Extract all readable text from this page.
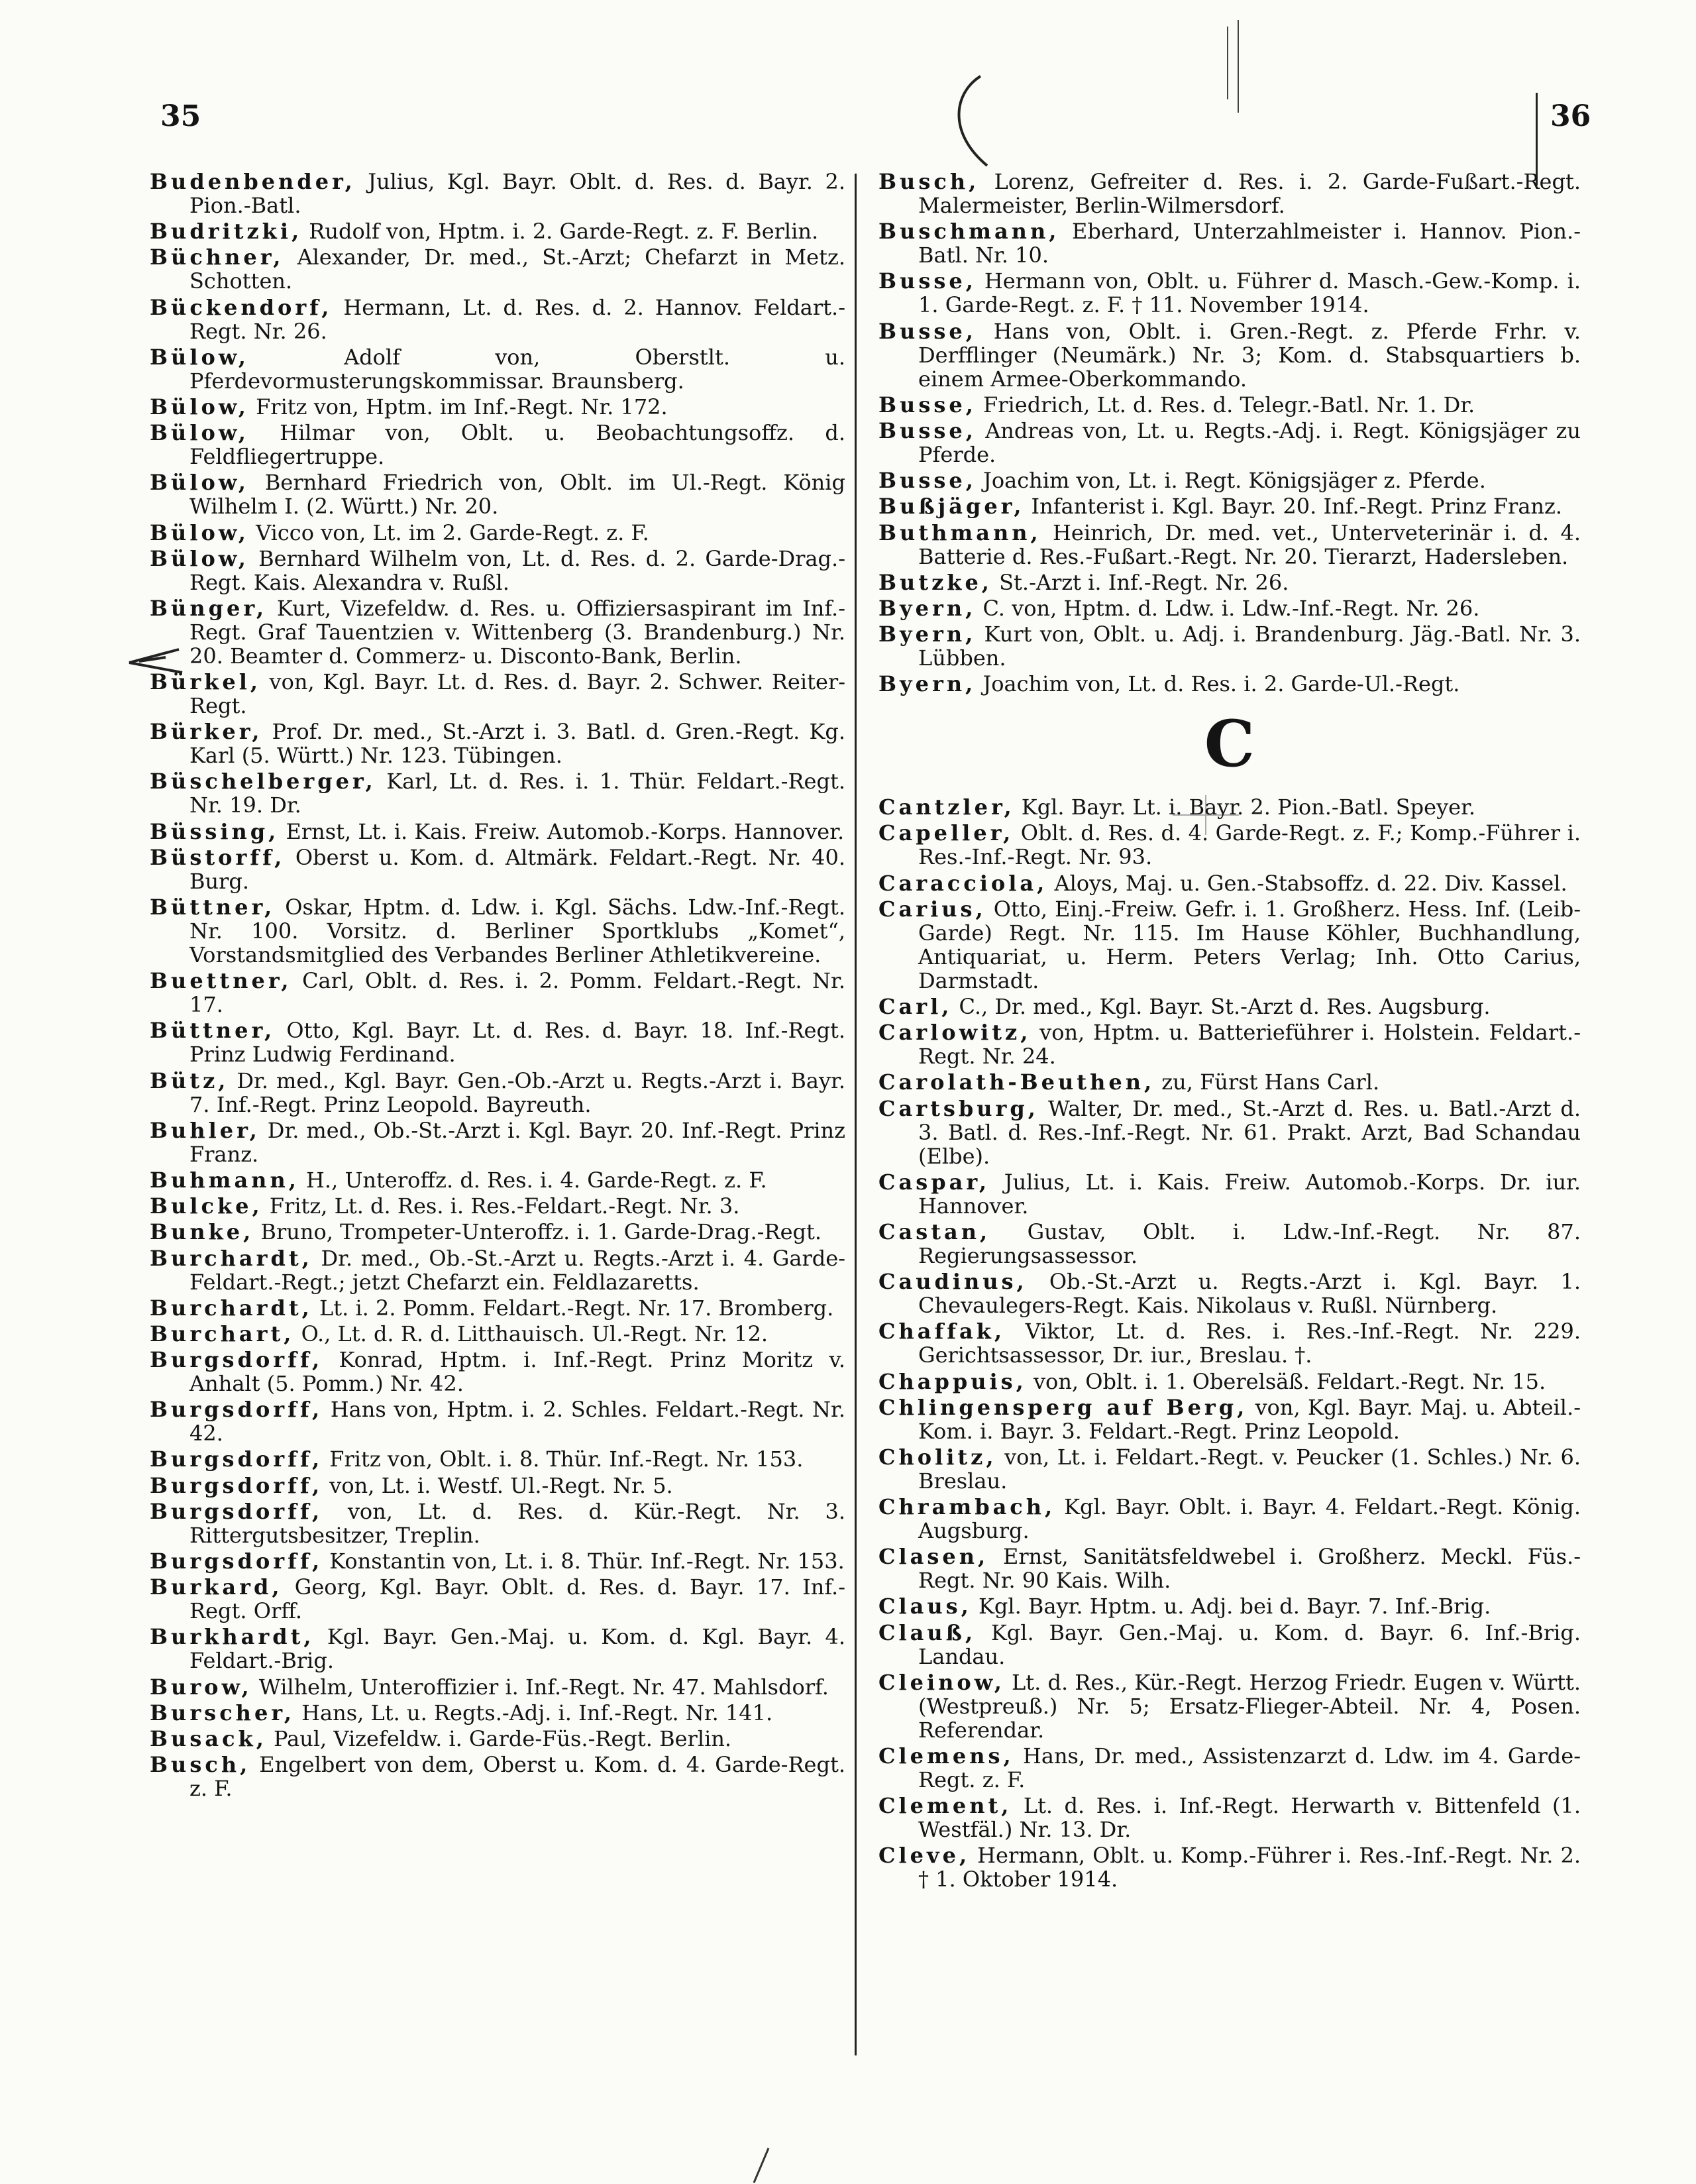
35	36

Budenbender, Julius, Kgl. Bayr. Oblt. d. Res. d. Bayr. 2. Pion.-Batl.

Budritzki, Rudolf von, Hptm. i. 2. Garde-Regt. z. F. Berlin.

Büchner, Alexander, Dr. med., St.-Arzt; Chefarzt in Metz. Schotten.

Bückendorf, Hermann, Lt. d. Res. d. 2. Hannov. Feldart.-Regt. Nr. 26.

Bülow, Adolf von, Oberstlt. u. Pferdevormusterungskommissar. Braunsberg.

Bülow, Fritz von, Hptm. im Inf.-Regt. Nr. 172.

Bülow, Hilmar von, Oblt. u. Beobachtungsoffz. d. Feldfliegertruppe.

Bülow, Bernhard Friedrich von, Oblt. im Ul.-Regt. König Wilhelm I. (2. Württ.) Nr. 20.

Bülow, Vicco von, Lt. im 2. Garde-Regt. z. F.

Bülow, Bernhard Wilhelm von, Lt. d. Res. d. 2. Garde-Drag.-Regt. Kais. Alexandra v. Rußl.

Bünger, Kurt, Vizefeldw. d. Res. u. Offiziersaspirant im Inf.-Regt. Graf Tauentzien v. Wittenberg (3. Brandenburg.) Nr. 20. Beamter d. Commerz- u. Disconto-Bank, Berlin.

Bürkel, von, Kgl. Bayr. Lt. d. Res. d. Bayr. 2. Schwer. Reiter-Regt.

Bürker, Prof. Dr. med., St.-Arzt i. 3. Batl. d. Gren.-Regt. Kg. Karl (5. Württ.) Nr. 123. Tübingen.

Büschelberger, Karl, Lt. d. Res. i. 1. Thür. Feldart.-Regt. Nr. 19. Dr.

Büssing, Ernst, Lt. i. Kais. Freiw. Automob.-Korps. Hannover.

Büstorff, Oberst u. Kom. d. Altmärk. Feldart.-Regt. Nr. 40. Burg.

Büttner, Oskar, Hptm. d. Ldw. i. Kgl. Sächs. Ldw.-Inf.-Regt. Nr. 100. Vorsitz. d. Berliner Sportklubs „Komet“, Vorstandsmitglied des Verbandes Berliner Athletikvereine.

Buettner, Carl, Oblt. d. Res. i. 2. Pomm. Feldart.-Regt. Nr. 17.

Büttner, Otto, Kgl. Bayr. Lt. d. Res. d. Bayr. 18. Inf.-Regt. Prinz Ludwig Ferdinand.

Bütz, Dr. med., Kgl. Bayr. Gen.-Ob.-Arzt u. Regts.-Arzt i. Bayr. 7. Inf.-Regt. Prinz Leopold. Bayreuth.

Buhler, Dr. med., Ob.-St.-Arzt i. Kgl. Bayr. 20. Inf.-Regt. Prinz Franz.

Buhmann, H., Unteroffz. d. Res. i. 4. Garde-Regt. z. F.

Bulcke, Fritz, Lt. d. Res. i. Res.-Feldart.-Regt. Nr. 3.

Bunke, Bruno, Trompeter-Unteroffz. i. 1. Garde-Drag.-Regt.

Burchardt, Dr. med., Ob.-St.-Arzt u. Regts.-Arzt i. 4. Garde-Feldart.-Regt.; jetzt Chefarzt ein. Feldlazaretts.

Burchardt, Lt. i. 2. Pomm. Feldart.-Regt. Nr. 17. Bromberg.

Burchart, O., Lt. d. R. d. Litthauisch. Ul.-Regt. Nr. 12.

Burgsdorff, Konrad, Hptm. i. Inf.-Regt. Prinz Moritz v. Anhalt (5. Pomm.) Nr. 42.

Burgsdorff, Hans von, Hptm. i. 2. Schles. Feldart.-Regt. Nr. 42.

Burgsdorff, Fritz von, Oblt. i. 8. Thür. Inf.-Regt. Nr. 153.

Burgsdorff, von, Lt. i. Westf. Ul.-Regt. Nr. 5.

Burgsdorff, von, Lt. d. Res. d. Kür.-Regt. Nr. 3. Rittergutsbesitzer, Treplin.

Burgsdorff, Konstantin von, Lt. i. 8. Thür. Inf.-Regt. Nr. 153.

Burkard, Georg, Kgl. Bayr. Oblt. d. Res. d. Bayr. 17. Inf.-Regt. Orff.

Burkhardt, Kgl. Bayr. Gen.-Maj. u. Kom. d. Kgl. Bayr. 4. Feldart.-Brig.

Burow, Wilhelm, Unteroffizier i. Inf.-Regt. Nr. 47. Mahlsdorf.

Burscher, Hans, Lt. u. Regts.-Adj. i. Inf.-Regt. Nr. 141.

Busack, Paul, Vizefeldw. i. Garde-Füs.-Regt. Berlin.

Busch, Engelbert von dem, Oberst u. Kom. d. 4. Garde-Regt. z. F.

Busch, Lorenz, Gefreiter d. Res. i. 2. Garde-Fußart.-Regt. Malermeister, Berlin-Wilmersdorf.

Buschmann, Eberhard, Unterzahlmeister i. Hannov. Pion.-Batl. Nr. 10.

Busse, Hermann von, Oblt. u. Führer d. Masch.-Gew.-Komp. i. 1. Garde-Regt. z. F. † 11. November 1914.

Busse, Hans von, Oblt. i. Gren.-Regt. z. Pferde Frhr. v. Derfflinger (Neumärk.) Nr. 3; Kom. d. Stabsquartiers b. einem Armee-Oberkommando.

Busse, Friedrich, Lt. d. Res. d. Telegr.-Batl. Nr. 1. Dr.

Busse, Andreas von, Lt. u. Regts.-Adj. i. Regt. Königsjäger zu Pferde.

Busse, Joachim von, Lt. i. Regt. Königsjäger z. Pferde.

Bußjäger, Infanterist i. Kgl. Bayr. 20. Inf.-Regt. Prinz Franz.

Buthmann, Heinrich, Dr. med. vet., Unterveterinär i. d. 4. Batterie d. Res.-Fußart.-Regt. Nr. 20. Tierarzt, Hadersleben.

Butzke, St.-Arzt i. Inf.-Regt. Nr. 26.

Byern, C. von, Hptm. d. Ldw. i. Ldw.-Inf.-Regt. Nr. 26.

Byern, Kurt von, Oblt. u. Adj. i. Brandenburg. Jäg.-Batl. Nr. 3. Lübben.

Byern, Joachim von, Lt. d. Res. i. 2. Garde-Ul.-Regt.

C

Cantzler, Kgl. Bayr. Lt. i. Bayr. 2. Pion.-Batl. Speyer.

Capeller, Oblt. d. Res. d. 4. Garde-Regt. z. F.; Komp.-Führer i. Res.-Inf.-Regt. Nr. 93.

Caracciola, Aloys, Maj. u. Gen.-Stabsoffz. d. 22. Div. Kassel.

Carius, Otto, Einj.-Freiw. Gefr. i. 1. Großherz. Hess. Inf. (Leib-Garde) Regt. Nr. 115. Im Hause Köhler, Buchhandlung, Antiquariat, u. Herm. Peters Verlag; Inh. Otto Carius, Darmstadt.

Carl, C., Dr. med., Kgl. Bayr. St.-Arzt d. Res. Augsburg.

Carlowitz, von, Hptm. u. Batterieführer i. Holstein. Feldart.-Regt. Nr. 24.

Carolath-Beuthen, zu, Fürst Hans Carl.

Cartsburg, Walter, Dr. med., St.-Arzt d. Res. u. Batl.-Arzt d. 3. Batl. d. Res.-Inf.-Regt. Nr. 61. Prakt. Arzt, Bad Schandau (Elbe).

Caspar, Julius, Lt. i. Kais. Freiw. Automob.-Korps. Dr. iur. Hannover.

Castan, Gustav, Oblt. i. Ldw.-Inf.-Regt. Nr. 87. Regierungsassessor.

Caudinus, Ob.-St.-Arzt u. Regts.-Arzt i. Kgl. Bayr. 1. Chevaulegers-Regt. Kais. Nikolaus v. Rußl. Nürnberg.

Chaffak, Viktor, Lt. d. Res. i. Res.-Inf.-Regt. Nr. 229. Gerichtsassessor, Dr. iur., Breslau. †.

Chappuis, von, Oblt. i. 1. Oberelsäß. Feldart.-Regt. Nr. 15.

Chlingensperg auf Berg, von, Kgl. Bayr. Maj. u. Abteil.-Kom. i. Bayr. 3. Feldart.-Regt. Prinz Leopold.

Cholitz, von, Lt. i. Feldart.-Regt. v. Peucker (1. Schles.) Nr. 6. Breslau.

Chrambach, Kgl. Bayr. Oblt. i. Bayr. 4. Feldart.-Regt. König. Augsburg.

Clasen, Ernst, Sanitätsfeldwebel i. Großherz. Meckl. Füs.-Regt. Nr. 90 Kais. Wilh.

Claus, Kgl. Bayr. Hptm. u. Adj. bei d. Bayr. 7. Inf.-Brig.

Clauß, Kgl. Bayr. Gen.-Maj. u. Kom. d. Bayr. 6. Inf.-Brig. Landau.

Cleinow, Lt. d. Res., Kür.-Regt. Herzog Friedr. Eugen v. Württ. (Westpreuß.) Nr. 5; Ersatz-Flieger-Abteil. Nr. 4, Posen. Referendar.

Clemens, Hans, Dr. med., Assistenzarzt d. Ldw. im 4. Garde-Regt. z. F.

Clement, Lt. d. Res. i. Inf.-Regt. Herwarth v. Bittenfeld (1. Westfäl.) Nr. 13. Dr.

Cleve, Hermann, Oblt. u. Komp.-Führer i. Res.-Inf.-Regt. Nr. 2. † 1. Oktober 1914.
